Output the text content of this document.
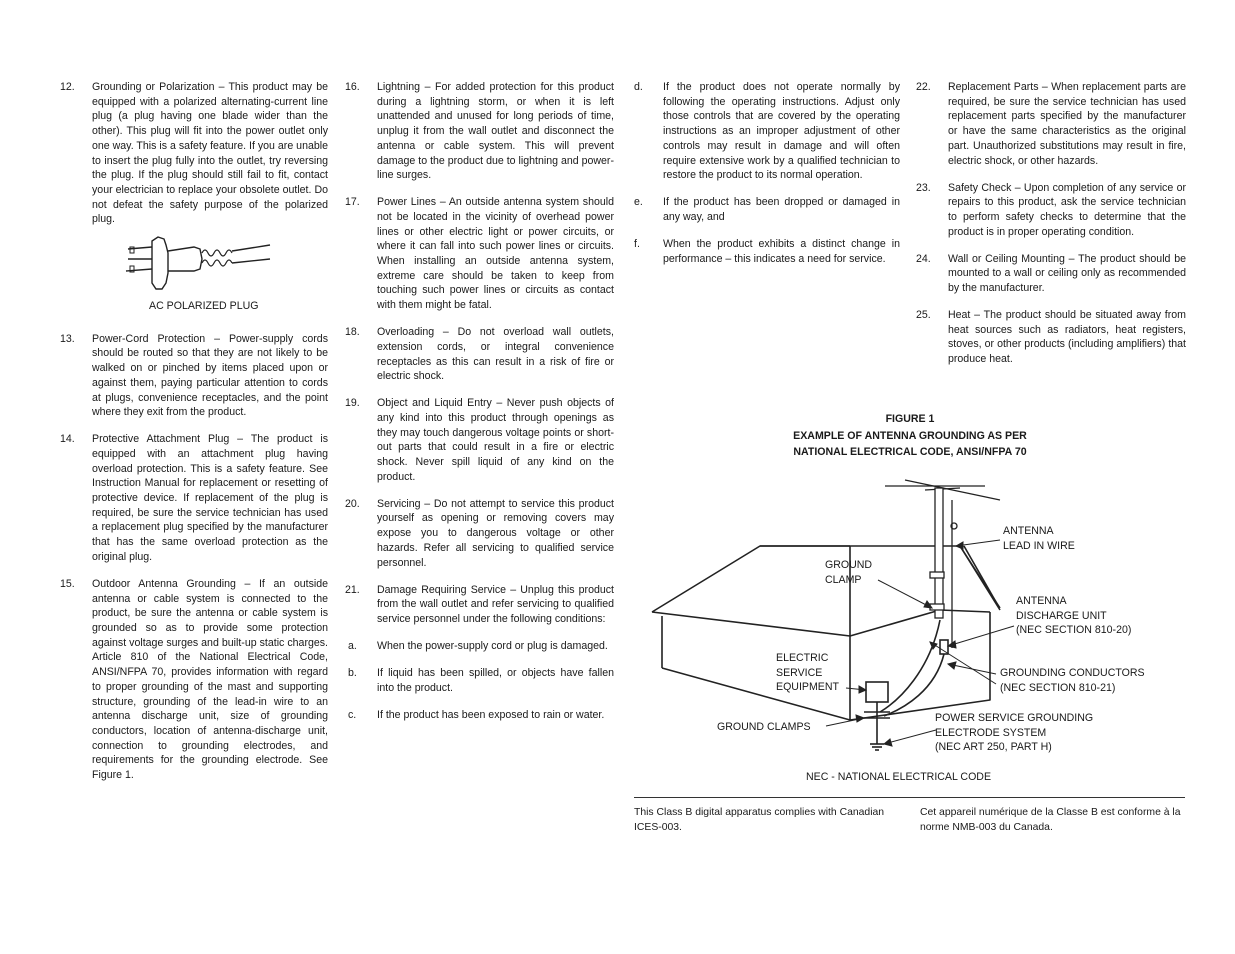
12.	Grounding or Polarization – This product may be equipped with a polarized alternating-current line plug (a plug having one blade wider than the other). This plug will fit into the power outlet only one way. This is a safety feature. If you are unable to insert the plug fully into the outlet, try reversing the plug. If the plug should still fail to fit, contact your electrician to replace your obsolete outlet. Do not defeat the safety purpose of the polarized plug.
AC POLARIZED PLUG
13.	Power-Cord Protection – Power-supply cords should be routed so that they are not likely to be walked on or pinched by items placed upon or against them, paying particular attention to cords at plugs, convenience receptacles, and the point where they exit from the product.
14.	Protective Attachment Plug – The product is equipped with an attachment plug having overload protection. This is a safety feature. See Instruction Manual for replacement or resetting of protective device. If replacement of the plug is required, be sure the service technician has used a replacement plug specified by the manufacturer that has the same overload protection as the original plug.
15.	Outdoor Antenna Grounding – If an outside antenna or cable system is connected to the product, be sure the antenna or cable system is grounded so as to provide some protection against voltage surges and built-up static charges. Article 810 of the National Electrical Code, ANSI/NFPA 70, provides information with regard to proper grounding of the mast and supporting structure, grounding of the lead-in wire to an antenna discharge unit, size of grounding conductors, location of antenna-discharge unit, connection to grounding electrodes, and requirements for the grounding electrode. See Figure 1.
16.	Lightning – For added protection for this product during a lightning storm, or when it is left unattended and unused for long periods of time, unplug it from the wall outlet and disconnect the antenna or cable system. This will prevent damage to the product due to lightning and power-line surges.
17.	Power Lines – An outside antenna system should not be located in the vicinity of overhead power lines or other electric light or power circuits, or where it can fall into such power lines or circuits. When installing an outside antenna system, extreme care should be taken to keep from touching such power lines or circuits as contact with them might be fatal.
18.	Overloading – Do not overload wall outlets, extension cords, or integral convenience receptacles as this can result in a risk of fire or electric shock.
19.	Object and Liquid Entry – Never push objects of any kind into this product through openings as they may touch dangerous voltage points or short-out parts that could result in a fire or electric shock. Never spill liquid of any kind on the product.
20.	Servicing – Do not attempt to service this product yourself as opening or removing covers may expose you to dangerous voltage or other hazards. Refer all servicing to qualified service personnel.
21.	Damage Requiring Service – Unplug this product from the wall outlet and refer servicing to qualified service personnel under the following conditions:
a.	When the power-supply cord or plug is damaged.
b.	If liquid has been spilled, or objects have fallen into the product.
c.	If the product has been exposed to rain or water.
d.	If the product does not operate normally by following the operating instructions. Adjust only those controls that are covered by the operating instructions as an improper adjustment of other controls may result in damage and will often require extensive work by a qualified technician to restore the product to its normal operation.
e.	If the product has been dropped or damaged in any way, and
f.	When the product exhibits a distinct change in performance – this indicates a need for service.
22.	Replacement Parts – When replacement parts are required, be sure the service technician has used replacement parts specified by the manufacturer or have the same characteristics as the original part. Unauthorized substitutions may result in fire, electric shock, or other hazards.
23.	Safety Check – Upon completion of any service or repairs to this product, ask the service technician to perform safety checks to determine that the product is in proper operating condition.
24.	Wall or Ceiling Mounting – The product should be mounted to a wall or ceiling only as recommended by the manufacturer.
25.	Heat – The product should be situated away from heat sources such as radiators, heat registers, stoves, or other products (including amplifiers) that produce heat.
FIGURE 1
EXAMPLE OF ANTENNA GROUNDING AS PER
NATIONAL ELECTRICAL CODE, ANSI/NFPA 70
ANTENNA
LEAD IN WIRE
GROUND
CLAMP
ANTENNA
DISCHARGE UNIT
(NEC SECTION 810-20)
ELECTRIC
SERVICE
EQUIPMENT
GROUNDING CONDUCTORS
(NEC SECTION 810-21)
GROUND CLAMPS
POWER SERVICE GROUNDING
ELECTRODE SYSTEM
(NEC ART 250, PART H)
NEC - NATIONAL ELECTRICAL CODE
This Class B digital apparatus complies with Canadian ICES-003.
Cet appareil numérique de la Classe B est conforme à la norme NMB-003 du Canada.
